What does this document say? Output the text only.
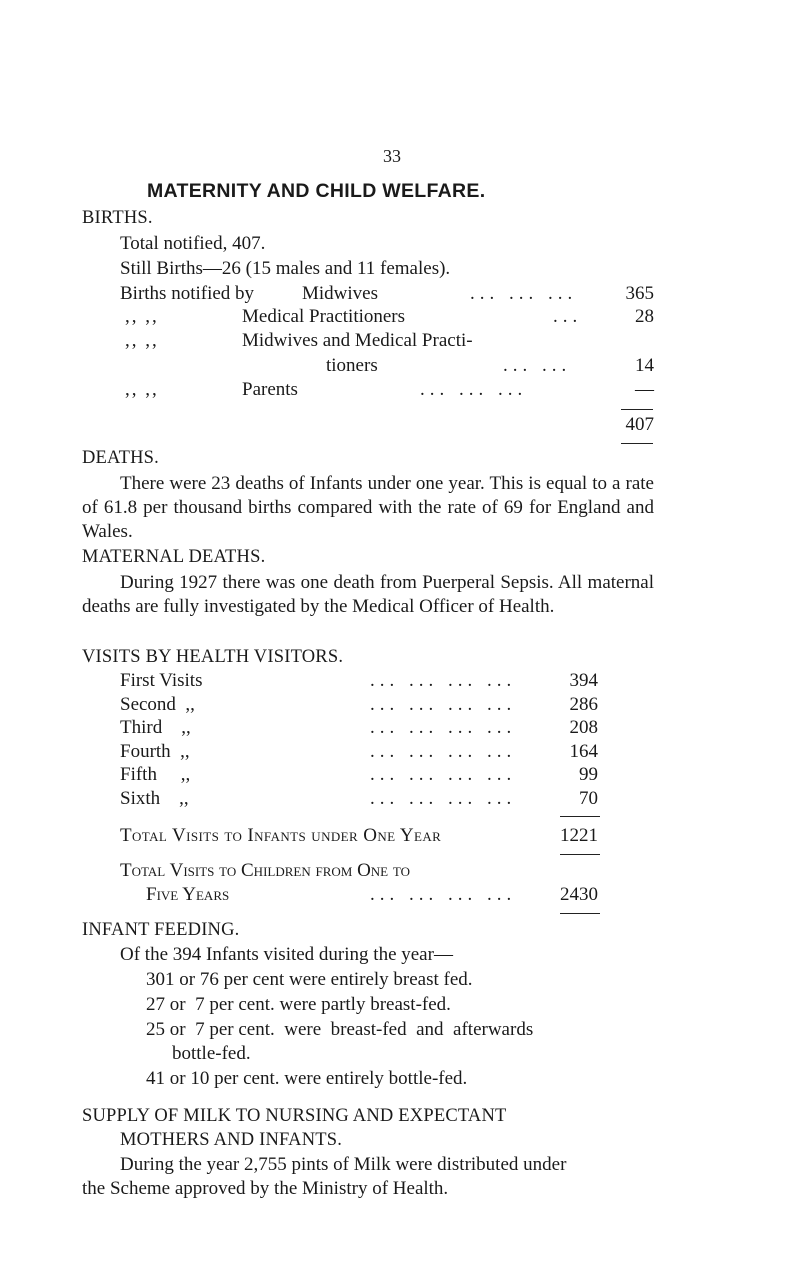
33
MATERNITY AND CHILD WELFARE.
BIRTHS.
Total notified, 407.
Still Births—26 (15 males and 11 females).
Births notified by	Midwives	... ... ...	365
,, ,,	Medical Practitioners	...	28
,, ,,	Midwives and Medical Practi-
tioners	... ...	14
,, ,,	Parents	... ... ...	—
407
DEATHS.
There were 23 deaths of Infants under one year. This is equal to a rate of 61.8 per thousand births compared with the rate of 69 for England and Wales.
MATERNAL DEATHS.
During 1927 there was one death from Puerperal Sepsis. All maternal deaths are fully investigated by the Medical Officer of Health.
VISITS BY HEALTH VISITORS.
First Visits	... ... ... ...	394
Second  ,,	... ... ... ...	286
Third    ,,	... ... ... ...	208
Fourth  ,,	... ... ... ...	164
Fifth     ,,	... ... ... ...	99
Sixth    ,,	... ... ... ...	70
Total Visits to Infants under One Year	1221
Total Visits to Children from One to
Five Years	... ... ... ...	2430
INFANT FEEDING.
Of the 394 Infants visited during the year—
301 or 76 per cent were entirely breast fed.
27 or  7 per cent. were partly breast-fed.
25 or  7 per cent.  were  breast-fed  and  afterwards
bottle-fed.
41 or 10 per cent. were entirely bottle-fed.
SUPPLY OF MILK TO NURSING AND EXPECTANT
MOTHERS AND INFANTS.
During the year 2,755 pints of Milk were distributed under
the Scheme approved by the Ministry of Health.
